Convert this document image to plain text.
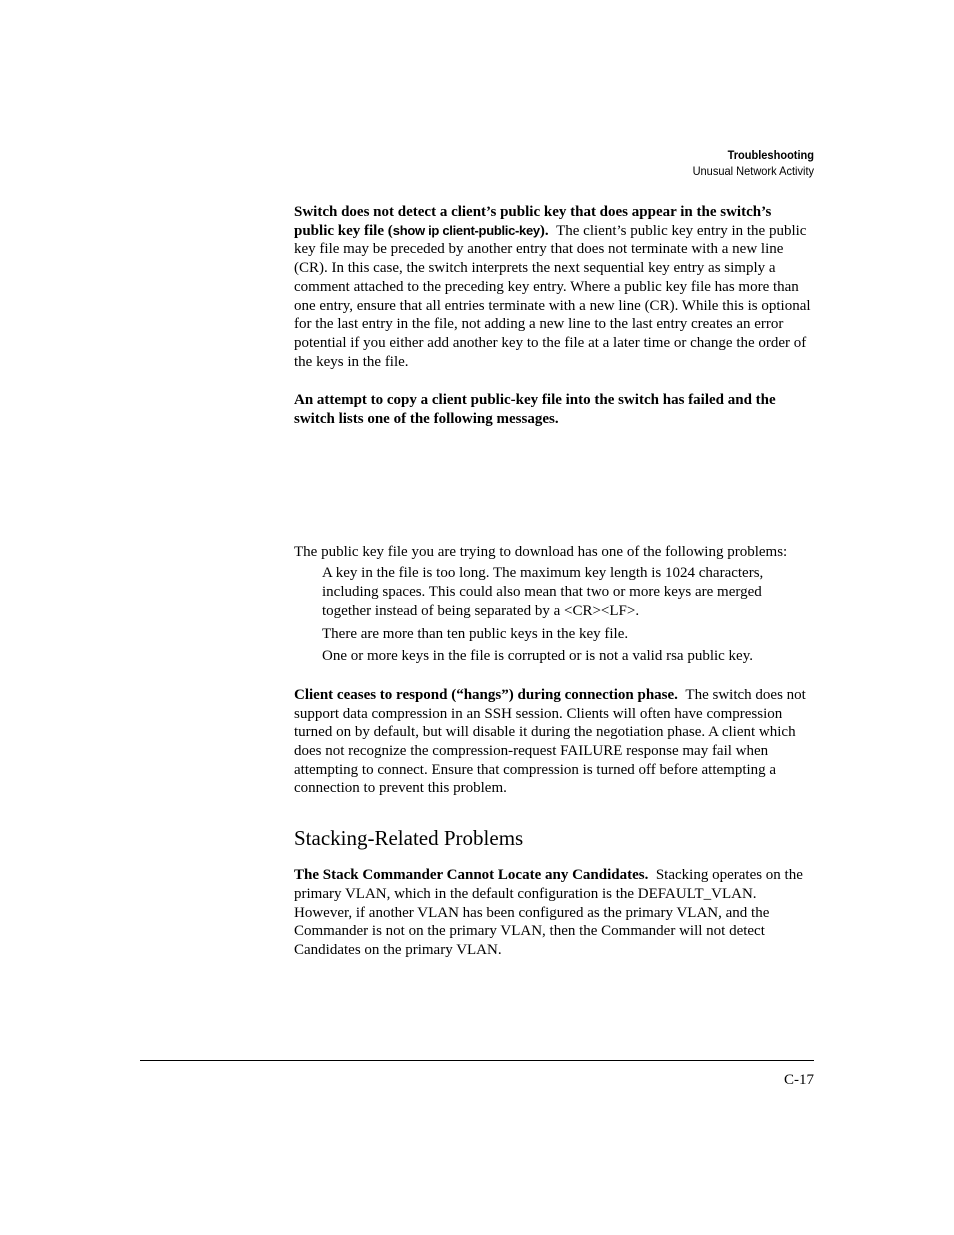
Troubleshooting
Unusual Network Activity

Switch does not detect a client’s public key that does appear in the switch’s public key file (show ip client-public-key). The client’s public key entry in the public key file may be preceded by another entry that does not terminate with a new line (CR). In this case, the switch interprets the next sequential key entry as simply a comment attached to the preceding key entry. Where a public key file has more than one entry, ensure that all entries terminate with a new line (CR). While this is optional for the last entry in the file, not adding a new line to the last entry creates an error potential if you either add another key to the file at a later time or change the order of the keys in the file.

An attempt to copy a client public-key file into the switch has failed and the switch lists one of the following messages.

The public key file you are trying to download has one of the following problems:

A key in the file is too long. The maximum key length is 1024 characters, including spaces. This could also mean that two or more keys are merged together instead of being separated by a <CR><LF>.
There are more than ten public keys in the key file.
One or more keys in the file is corrupted or is not a valid rsa public key.

Client ceases to respond (“hangs”) during connection phase. The switch does not support data compression in an SSH session. Clients will often have compression turned on by default, but will disable it during the negotiation phase. A client which does not recognize the compression-request FAILURE response may fail when attempting to connect. Ensure that compression is turned off before attempting a connection to prevent this problem.

Stacking-Related Problems

The Stack Commander Cannot Locate any Candidates. Stacking operates on the primary VLAN, which in the default configuration is the DEFAULT_VLAN. However, if another VLAN has been configured as the primary VLAN, and the Commander is not on the primary VLAN, then the Commander will not detect Candidates on the primary VLAN.

C-17
